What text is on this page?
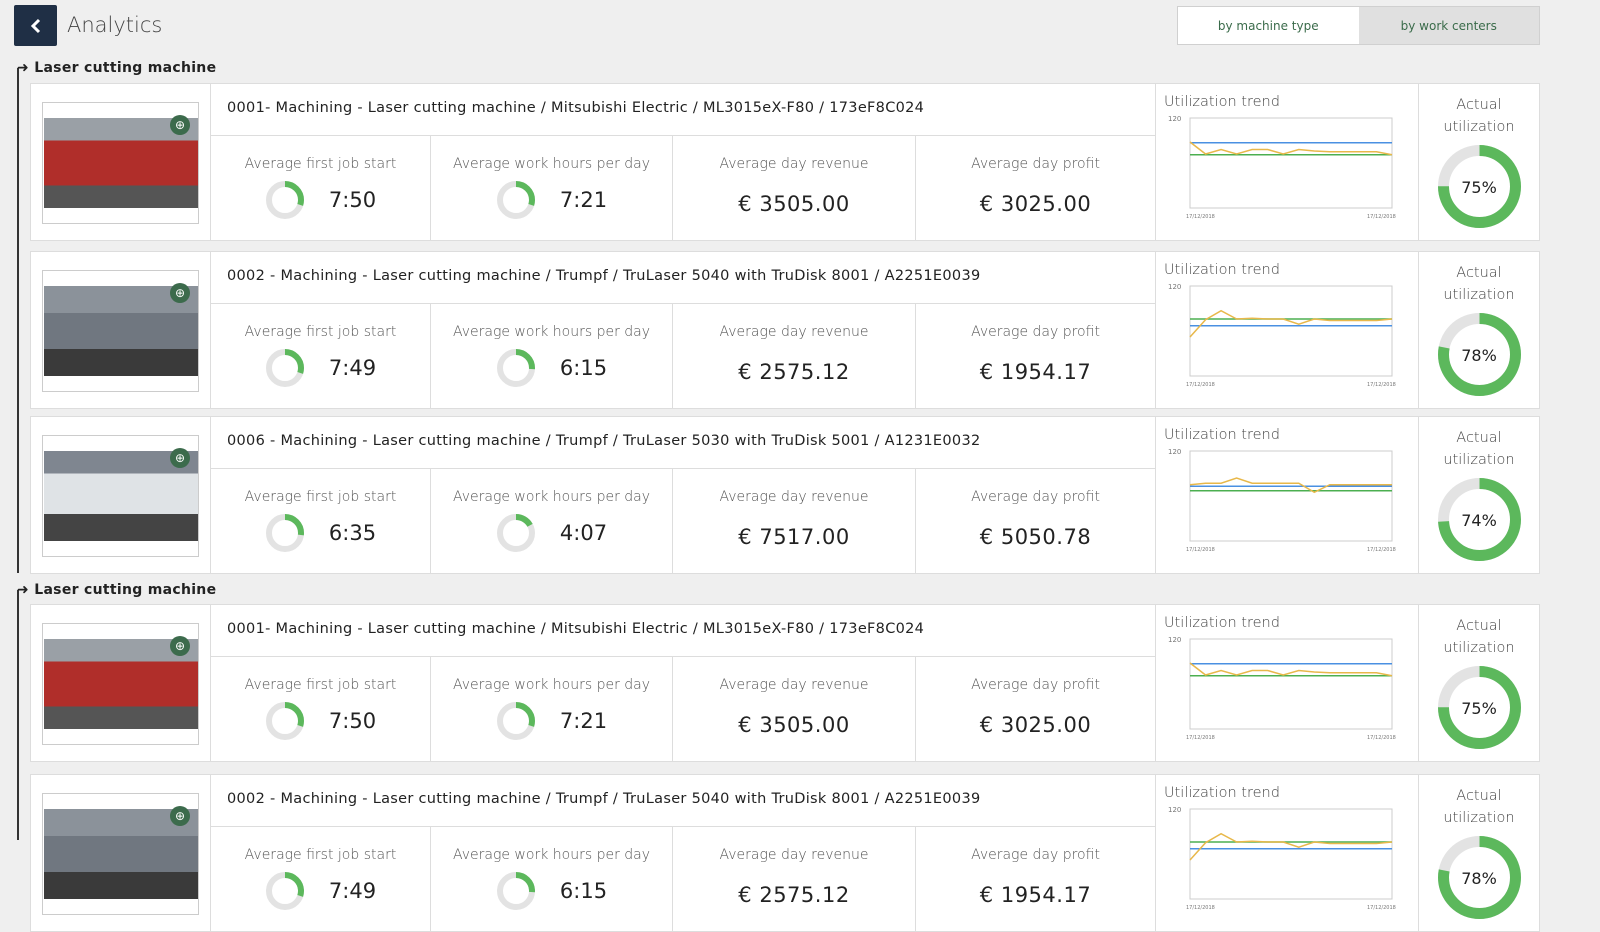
Analytics	by machine type	by work centers
➜ Laser cutting machine
⊕
0001- Machining - Laser cutting machine / Mitsubishi Electric / ML3015eX-F80 / 173eF8C024
Average first job start
7:50
Average work hours per day
7:21
Average day revenue
€ 3505.00
Average day profit
€ 3025.00
Utilization trend
120
17/12/2018	17/12/2018
Actual utilization
75%
⊕
0002 - Machining - Laser cutting machine / Trumpf / TruLaser 5040 with TruDisk 8001 / A2251E0039
Average first job start
7:49
Average work hours per day
6:15
Average day revenue
€ 2575.12
Average day profit
€ 1954.17
Utilization trend
120
17/12/2018	17/12/2018
Actual utilization
78%
⊕
0006 - Machining - Laser cutting machine / Trumpf / TruLaser 5030 with TruDisk 5001 / A1231E0032
Average first job start
6:35
Average work hours per day
4:07
Average day revenue
€ 7517.00
Average day profit
€ 5050.78
Utilization trend
120
17/12/2018	17/12/2018
Actual utilization
74%
➜ Laser cutting machine
⊕
0001- Machining - Laser cutting machine / Mitsubishi Electric / ML3015eX-F80 / 173eF8C024
Average first job start
7:50
Average work hours per day
7:21
Average day revenue
€ 3505.00
Average day profit
€ 3025.00
Utilization trend
120
17/12/2018	17/12/2018
Actual utilization
75%
⊕
0002 - Machining - Laser cutting machine / Trumpf / TruLaser 5040 with TruDisk 8001 / A2251E0039
Average first job start
7:49
Average work hours per day
6:15
Average day revenue
€ 2575.12
Average day profit
€ 1954.17
Utilization trend
120
17/12/2018	17/12/2018
Actual utilization
78%
